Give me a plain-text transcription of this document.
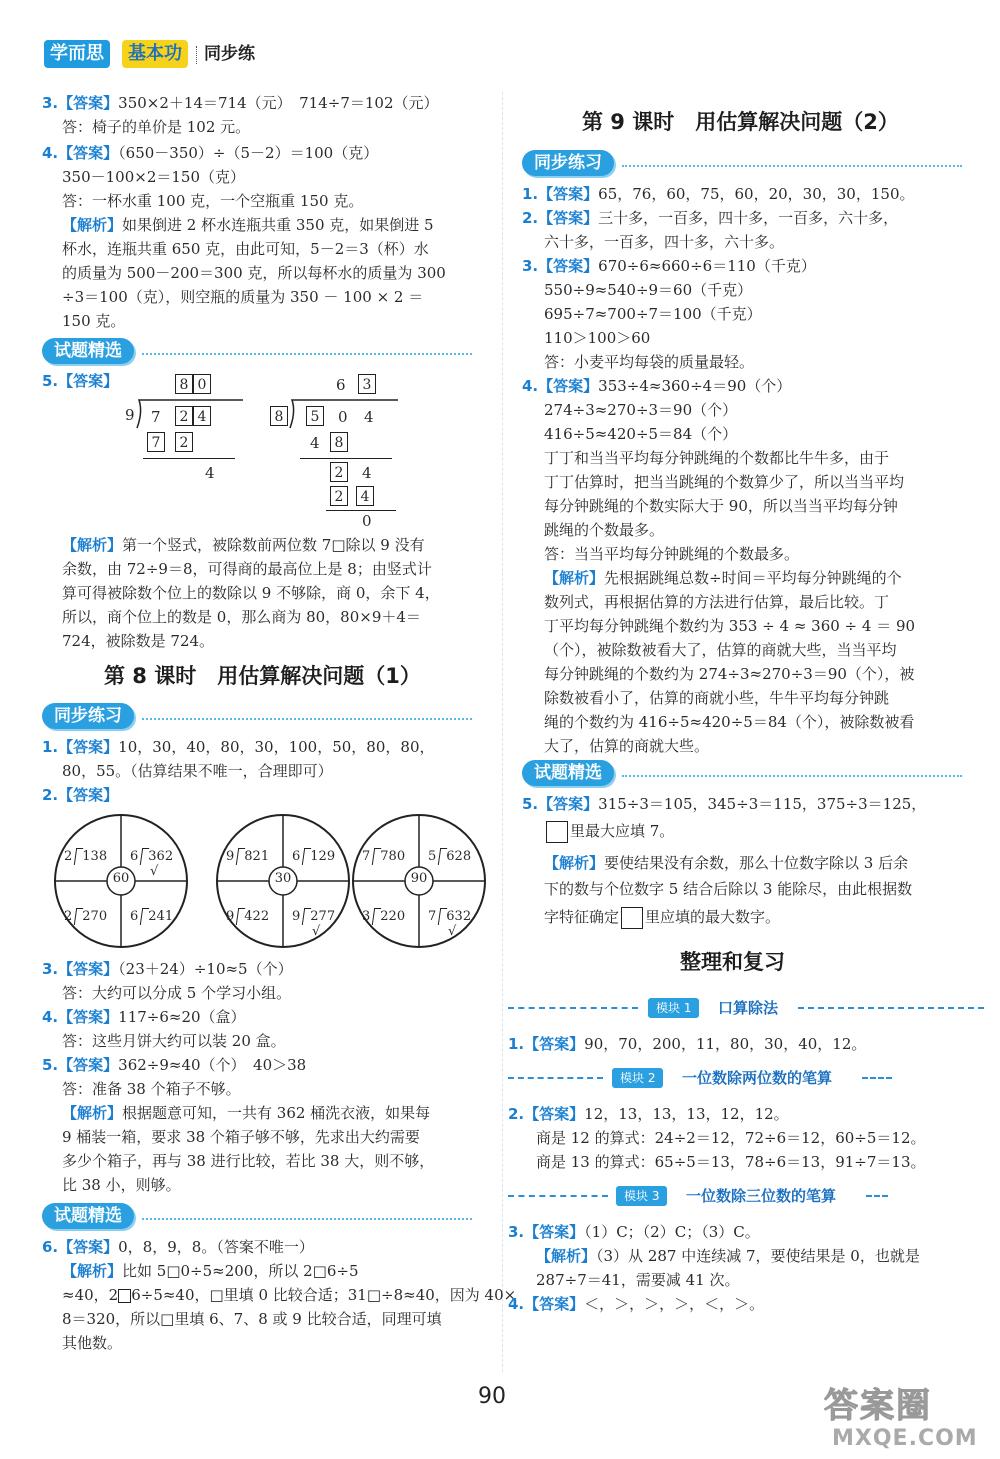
学而思	基本功	同步练
3.【答案】350×2＋14＝714（元）　714÷7＝102（元）
答：椅子的单价是 102 元。
4.【答案】（650－350）÷（5－2）＝100（克）
350－100×2＝150（克）
答：一杯水重 100 克，一个空瓶重 150 克。
【解析】如果倒进 2 杯水连瓶共重 350 克，如果倒进 5
杯水，连瓶共重 650 克，由此可知，5－2＝3（杯）水
的质量为 500－200＝300 克，所以每杯水的质量为 300
÷3＝100（克），则空瓶的质量为 350 － 100 × 2 ＝
150 克。
试题精选
5.【答案】	8 0
9 7	2 4
7	2
4
6	3
8	5	0 4
4	8
2	4
2	4
0
【解析】第一个竖式，被除数前两位数 7□除以 9 没有
余数，由 72÷9＝8，可得商的最高位上是 8；由竖式计
算可得被除数个位上的数除以 9 不够除，商 0，余下 4，
所以，商个位上的数是 0，那么商为 80，80×9＋4＝
724，被除数是 724。
第 8 课时　用估算解决问题（1）
同步练习
1.【答案】10，30，40，80，30，100，50，80，80，
80，55。（估算结果不唯一，合理即可）
2.【答案】
60
2 138 6 362
2 270 6 241
√	30
9 821 6 129
9 422 9 277
√
90
7 780 5 628
3 220 7 632
√
3.【答案】（23＋24）÷10≈5（个）
答：大约可以分成 5 个学习小组。
4.【答案】117÷6≈20（盒）
答：这些月饼大约可以装 20 盒。
5.【答案】362÷9≈40（个）　40＞38
答：准备 38 个箱子不够。
【解析】根据题意可知，一共有 362 桶洗衣液，如果每
9 桶装一箱，要求 38 个箱子够不够，先求出大约需要
多少个箱子，再与 38 进行比较，若比 38 大，则不够，
比 38 小，则够。
试题精选
6.【答案】0，8，9，8。（答案不唯一）
【解析】比如 5□0÷5≈200，所以 2□6÷5
≈40，2 6÷5≈40，□里填 0 比较合适；31□÷8≈40，因为 40×
8＝320，所以□里填 6、7、8 或 9 比较合适，同理可填
其他数。
第 9 课时　用估算解决问题（2）
同步练习
1.【答案】65，76，60，75，60，20，30，30，150。
2.【答案】三十多，一百多，四十多，一百多，六十多，
六十多，一百多，四十多，六十多。
3.【答案】670÷6≈660÷6＝110（千克）
550÷9≈540÷9＝60（千克）
695÷7≈700÷7＝100（千克）
110＞100＞60
答：小麦平均每袋的质量最轻。
4.【答案】353÷4≈360÷4＝90（个）
274÷3≈270÷3＝90（个）
416÷5≈420÷5＝84（个）
丁丁和当当平均每分钟跳绳的个数都比牛牛多，由于
丁丁估算时，把当当跳绳的个数算少了，所以当当平均
每分钟跳绳的个数实际大于 90，所以当当平均每分钟
跳绳的个数最多。
答：当当平均每分钟跳绳的个数最多。
【解析】先根据跳绳总数÷时间＝平均每分钟跳绳的个
数列式，再根据估算的方法进行估算，最后比较。丁
丁平均每分钟跳绳个数约为 353 ÷ 4 ≈ 360 ÷ 4 ＝ 90
（个），被除数被看大了，估算的商就大些，当当平均
每分钟跳绳的个数约为 274÷3≈270÷3＝90（个），被
除数被看小了，估算的商就小些，牛牛平均每分钟跳
绳的个数约为 416÷5≈420÷5＝84（个），被除数被看
大了，估算的商就大些。
试题精选
5.【答案】315÷3＝105，345÷3＝115，375÷3＝125，
里最大应填 7。
【解析】要使结果没有余数，那么十位数字除以 3 后余
下的数与个位数字 5 结合后除以 3 能除尽，由此根据数
字特征确定 里应填的最大数字。
整理和复习
模块 1	口算除法
1.【答案】90，70，200，11，80，30，40，12。
模块 2	一位数除两位数的笔算
2.【答案】12，13，13，13，12，12。
商是 12 的算式：24÷2＝12，72÷6＝12，60÷5＝12。
商是 13 的算式：65÷5＝13，78÷6＝13，91÷7＝13。
模块 3	一位数除三位数的笔算
3.【答案】（1）C；（2）C；（3）C。
【解析】（3）从 287 中连续减 7，要使结果是 0，也就是
287÷7＝41，需要减 41 次。
4.【答案】＜，＞，＞，＞，＜，＞。
90	答案圈
MXQE.COM
